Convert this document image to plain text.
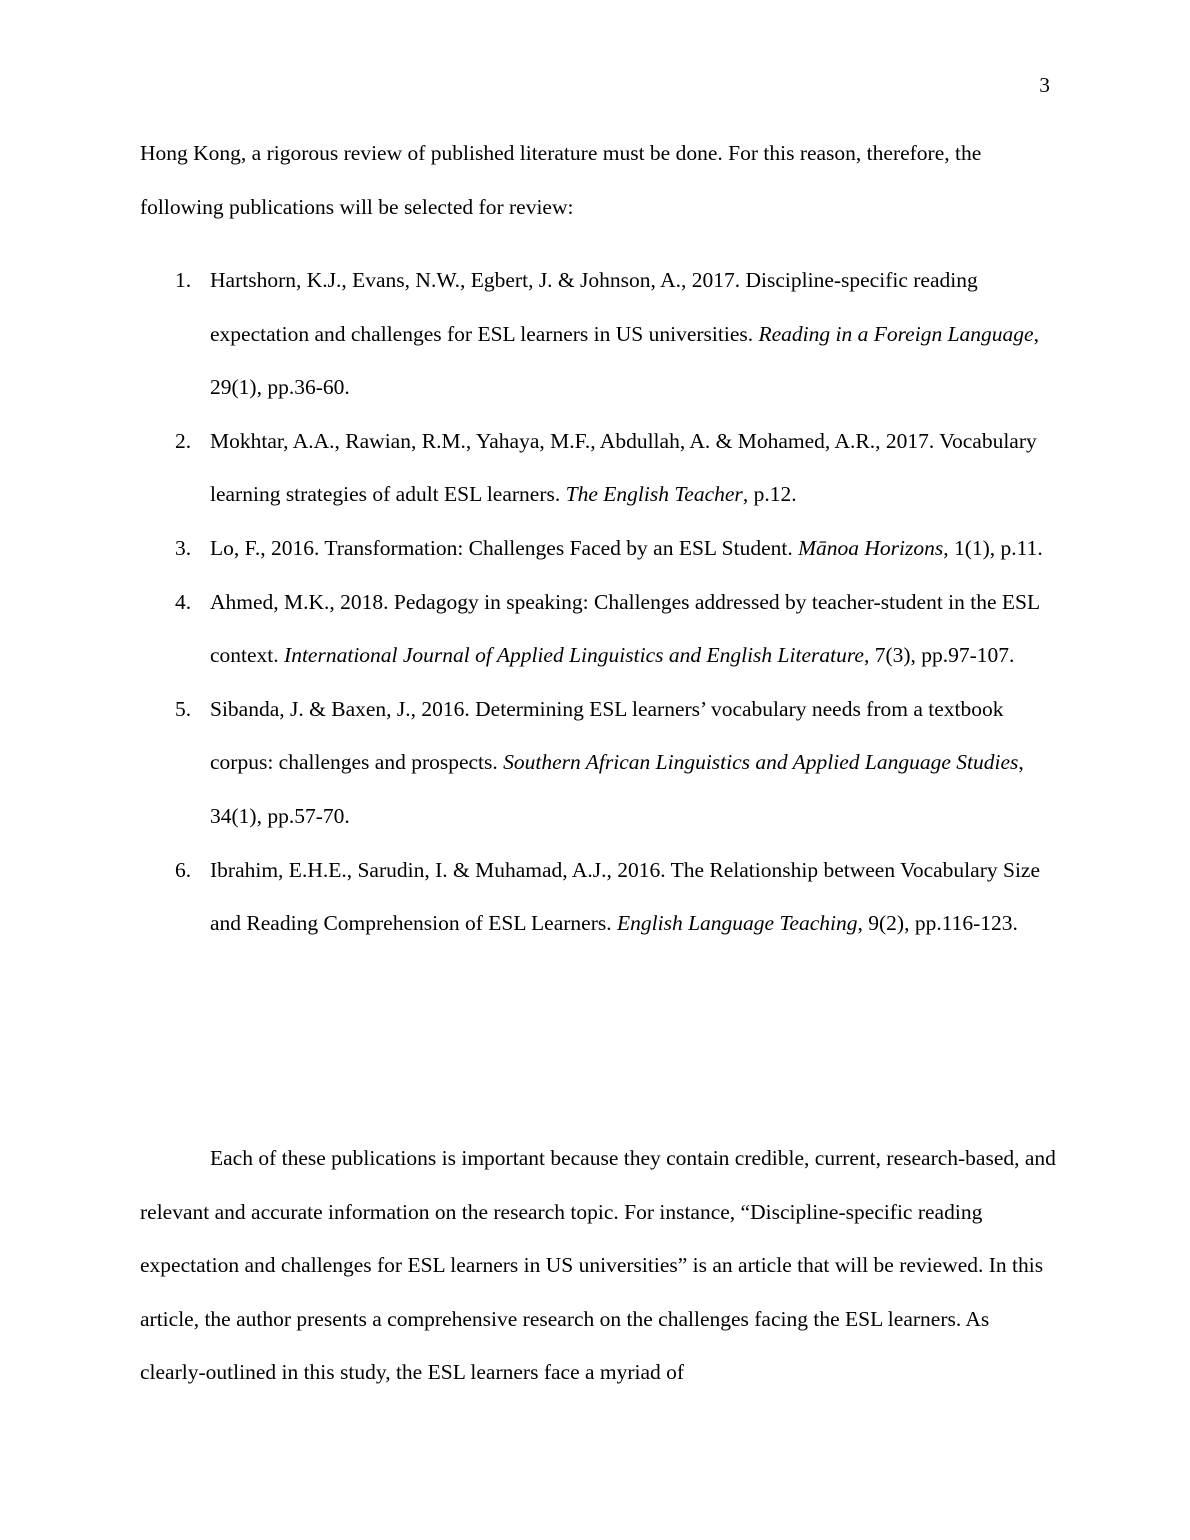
3

Hong Kong, a rigorous review of published literature must be done. For this reason, therefore, the following publications will be selected for review:

1. Hartshorn, K.J., Evans, N.W., Egbert, J. & Johnson, A., 2017. Discipline-specific reading expectation and challenges for ESL learners in US universities. Reading in a Foreign Language, 29(1), pp.36-60.
2. Mokhtar, A.A., Rawian, R.M., Yahaya, M.F., Abdullah, A. & Mohamed, A.R., 2017. Vocabulary learning strategies of adult ESL learners. The English Teacher, p.12.
3. Lo, F., 2016. Transformation: Challenges Faced by an ESL Student. Mānoa Horizons, 1(1), p.11.
4. Ahmed, M.K., 2018. Pedagogy in speaking: Challenges addressed by teacher-student in the ESL context. International Journal of Applied Linguistics and English Literature, 7(3), pp.97-107.
5. Sibanda, J. & Baxen, J., 2016. Determining ESL learners’ vocabulary needs from a textbook corpus: challenges and prospects. Southern African Linguistics and Applied Language Studies, 34(1), pp.57-70.
6. Ibrahim, E.H.E., Sarudin, I. & Muhamad, A.J., 2016. The Relationship between Vocabulary Size and Reading Comprehension of ESL Learners. English Language Teaching, 9(2), pp.116-123.

Each of these publications is important because they contain credible, current, research-based, and relevant and accurate information on the research topic. For instance, “Discipline-specific reading expectation and challenges for ESL learners in US universities” is an article that will be reviewed. In this article, the author presents a comprehensive research on the challenges facing the ESL learners. As clearly-outlined in this study, the ESL learners face a myriad of
